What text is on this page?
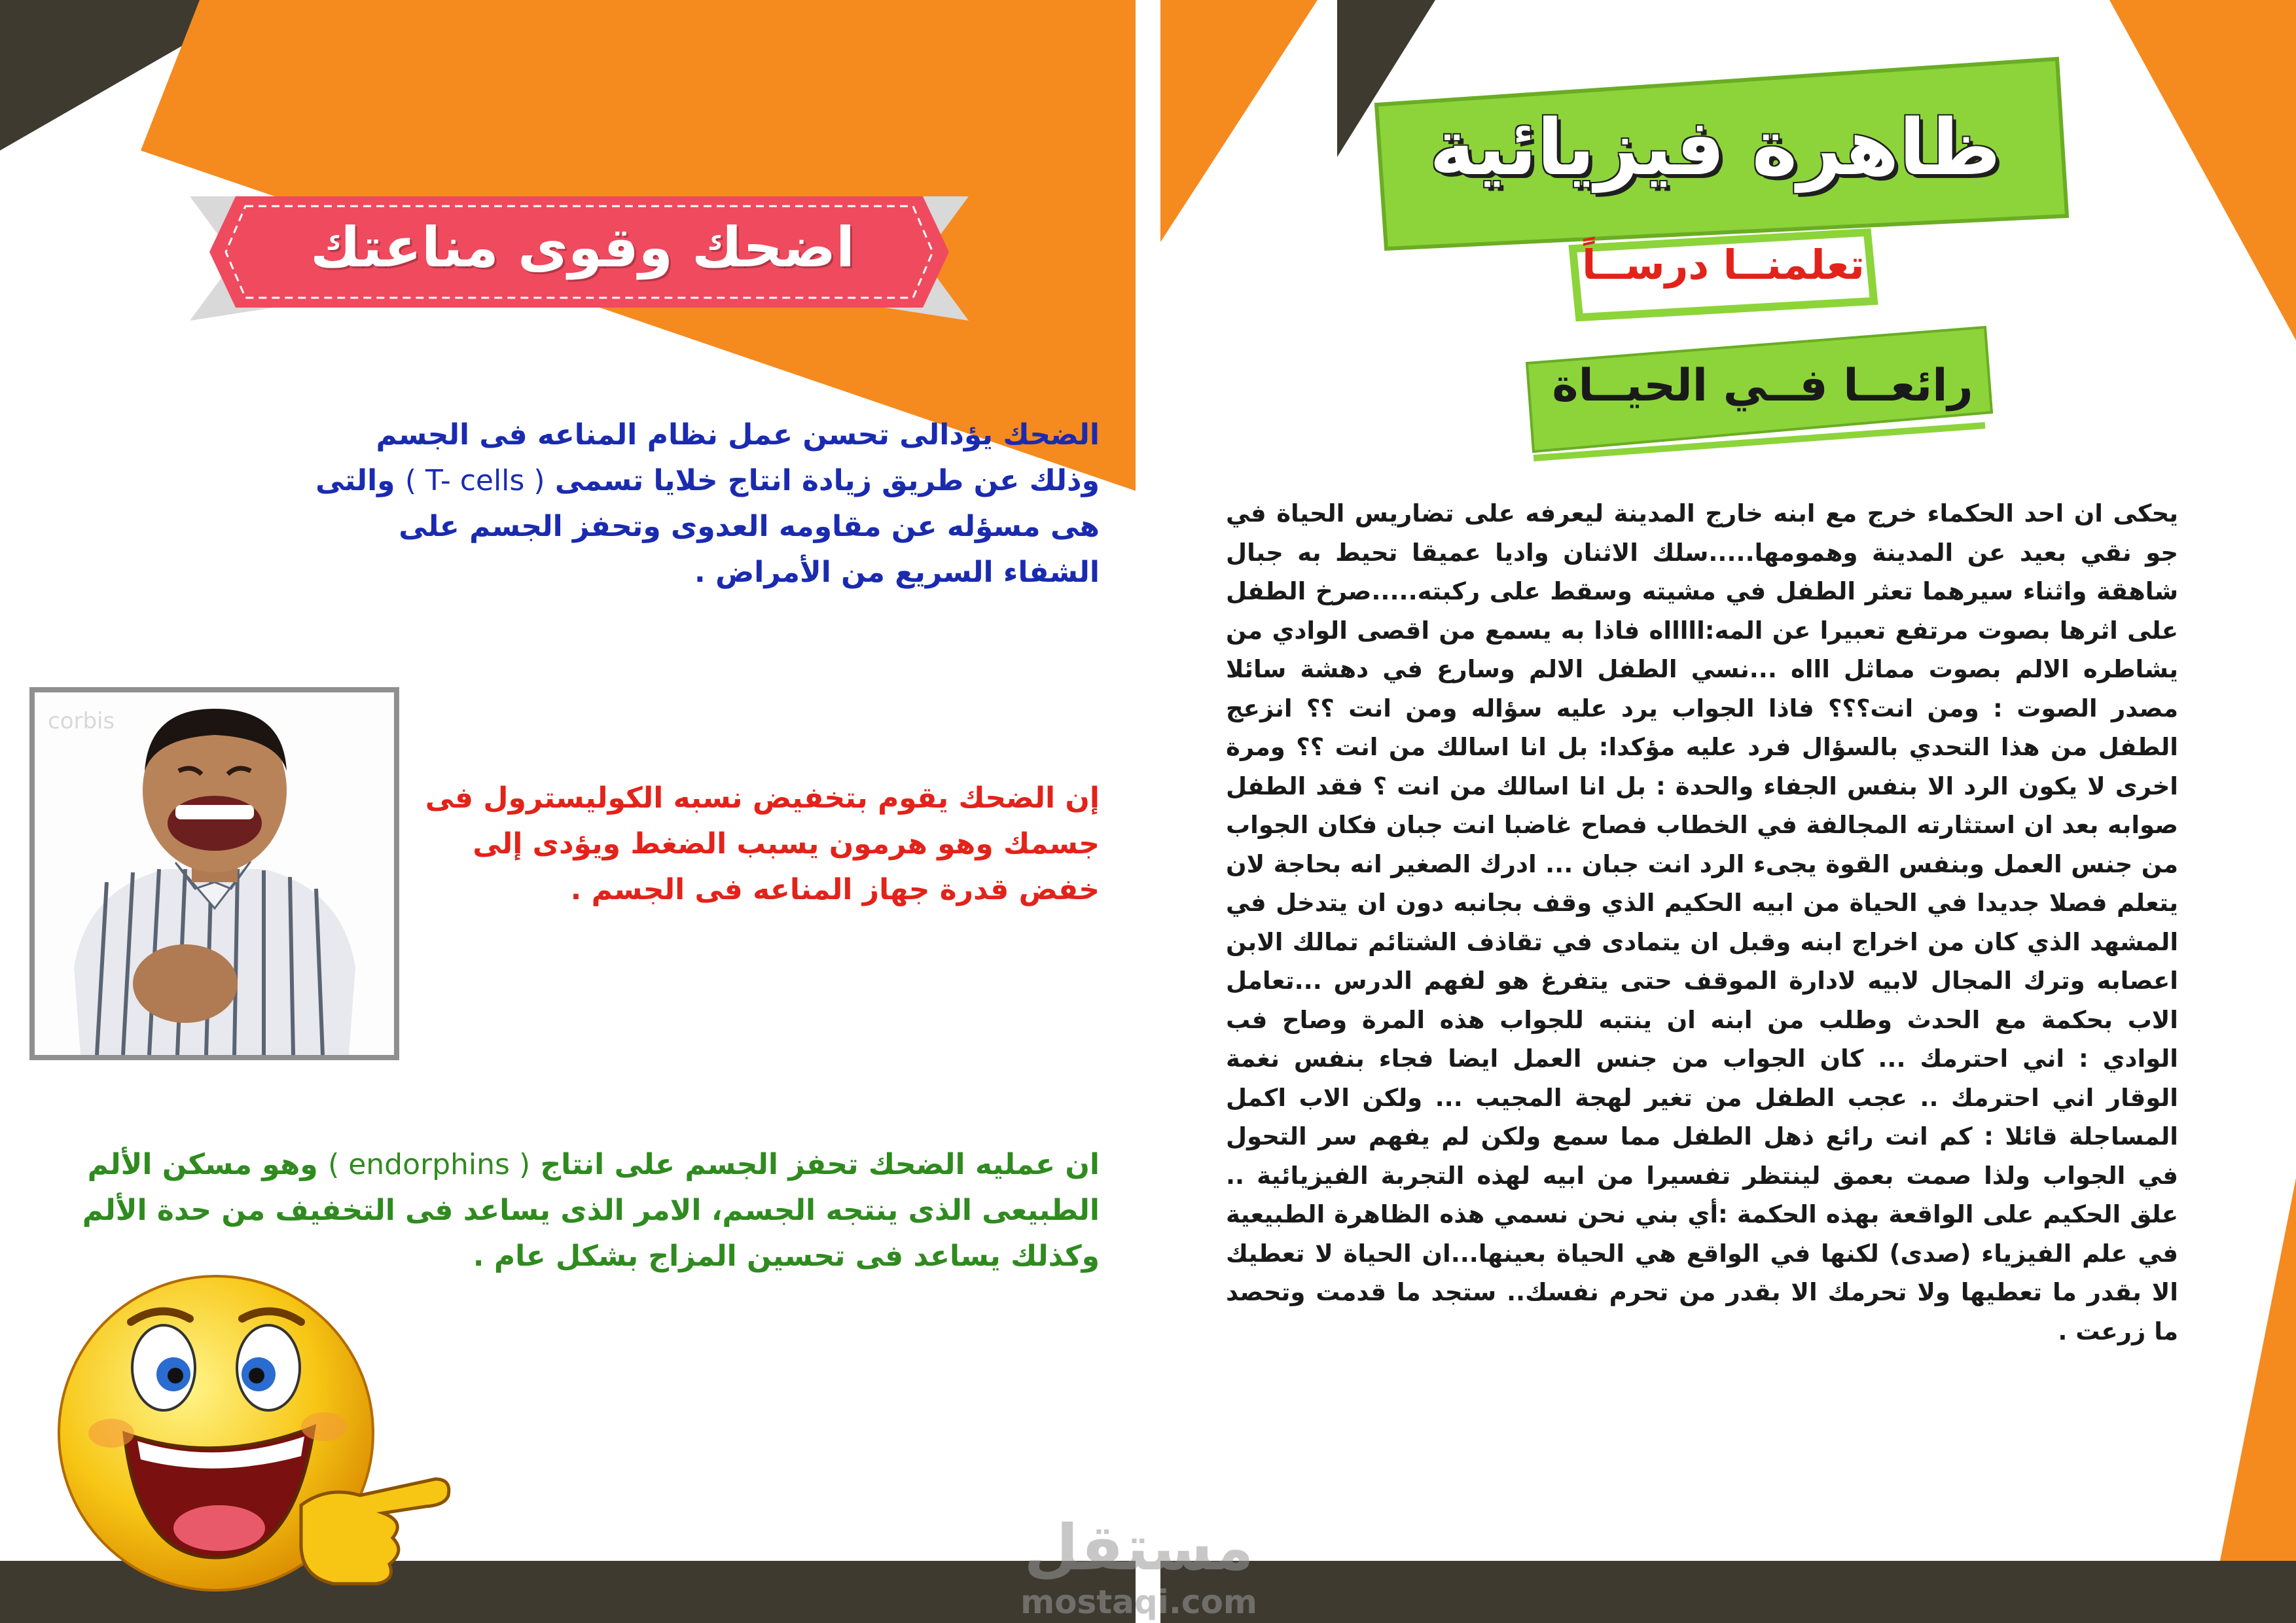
اضحك وقوى مناعتك
الضحك يؤدالى تحسن عمل نظام المناعه فى الجسم وذلك عن طريق زيادة انتاج خلايا تسمى ( T- cells ) والتى هى مسؤله عن مقاومه العدوى وتحفز الجسم على الشفاء السريع من الأمراض .
corbis
إن الضحك يقوم بتخفيض نسبه الكوليسترول فى جسمك وهو هرمون يسبب الضغط ويؤدى إلى خفض قدرة جهاز المناعه فى الجسم .
ان عمليه الضحك تحفز الجسم على انتاج ( endorphins ) وهو مسكن الألم الطبيعى الذى ينتجه الجسم، الامر الذى يساعد فى التخفيف من حدة الألم وكذلك يساعد فى تحسين المزاج بشكل عام .
ظاهرة فيزيائية
تعلمنــا درســاً
رائعــا فــي الحيــاة
يحكى ان احد الحكماء خرج مع ابنه خارج المدينة ليعرفه على تضاريس الحياة في جو نقي بعيد عن المدينة وهمومها.....سلك الاثنان واديا عميقا تحيط به جبال شاهقة واثناء سيرهما تعثر الطفل في مشيته وسقط على ركبته.....صرخ الطفل على اثرها بصوت مرتفع تعبيرا عن المه:اااااه فاذا به يسمع من اقصى الوادي من يشاطره الالم بصوت مماثل اااه ...نسي الطفل الالم وسارع في دهشة سائلا مصدر الصوت : ومن انت؟؟؟ فاذا الجواب يرد عليه سؤاله ومن انت ؟؟ انزعج الطفل من هذا التحدي بالسؤال فرد عليه مؤكدا: بل انا اسالك من انت ؟؟ ومرة اخرى لا يكون الرد الا بنفس الجفاء والحدة : بل انا اسالك من انت ؟ فقد الطفل صوابه بعد ان استثارته المجالفة في الخطاب فصاح غاضبا انت جبان فكان الجواب من جنس العمل وبنفس القوة يجىء الرد انت جبان ... ادرك الصغير انه بحاجة لان يتعلم فصلا جديدا في الحياة من ابيه الحكيم الذي وقف بجانبه دون ان يتدخل في المشهد الذي كان من اخراج ابنه وقبل ان يتمادى في تقاذف الشتائم تمالك الابن اعصابه وترك المجال لابيه لادارة الموقف حتى يتفرغ هو لفهم الدرس ...تعامل الاب بحكمة مع الحدث وطلب من ابنه ان ينتبه للجواب هذه المرة وصاح فب الوادي : اني احترمك ... كان الجواب من جنس العمل ايضا فجاء بنفس نغمة الوقار اني احترمك .. عجب الطفل من تغير لهجة المجيب ... ولكن الاب اكمل المساجلة قائلا : كم انت رائع ذهل الطفل مما سمع ولكن لم يفهم سر التحول في الجواب ولذا صمت بعمق لينتظر تفسيرا من ابيه لهذه التجربة الفيزيائية .. علق الحكيم على الواقعة بهذه الحكمة :أي بني نحن نسمي هذه الظاهرة الطبيعية في علم الفيزياء (صدى) لكنها في الواقع هي الحياة بعينها...ان الحياة لا تعطيك الا بقدر ما تعطيها ولا تحرمك الا بقدر من تحرم نفسك.. ستجد ما قدمت وتحصد ما زرعت .
مستقل
mostaqi.com
